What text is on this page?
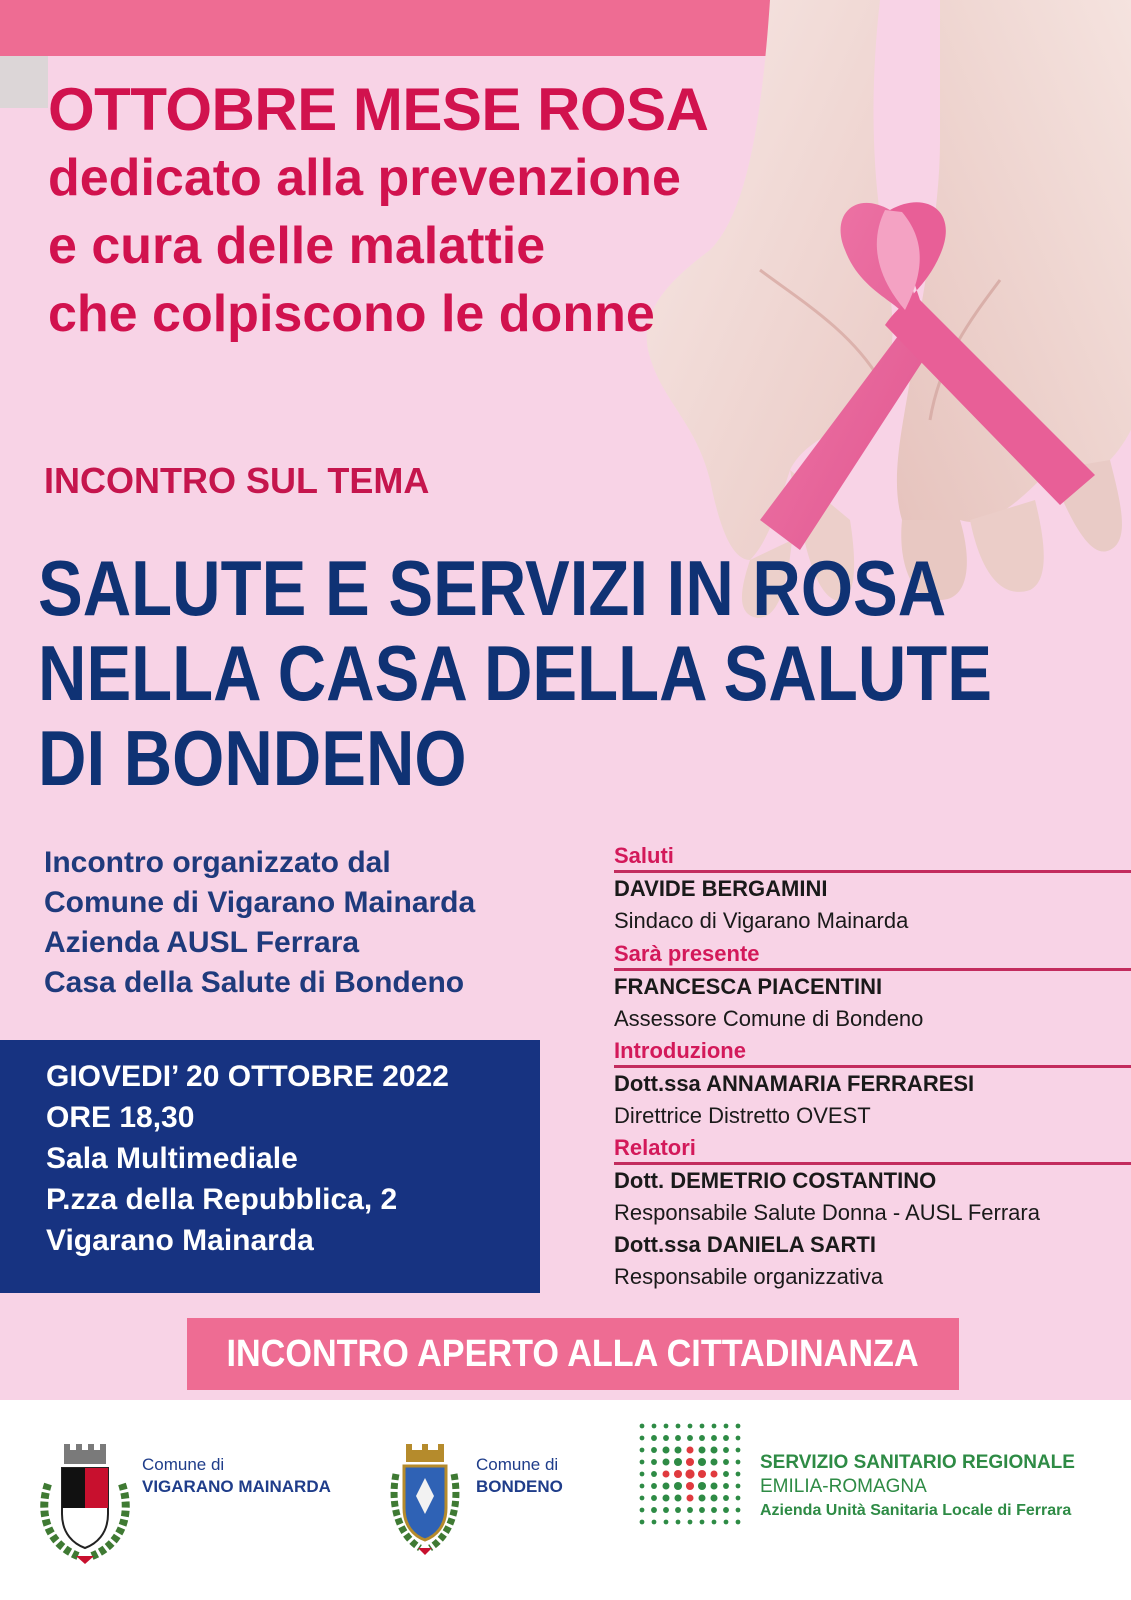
OTTOBRE MESE ROSA
dedicato alla prevenzione
e cura delle malattie
che colpiscono le donne
INCONTRO SUL TEMA
SALUTE E SERVIZI IN ROSA
NELLA CASA DELLA SALUTE
DI BONDENO
Incontro organizzato dal
Comune di Vigarano Mainarda
Azienda AUSL Ferrara
Casa della Salute di Bondeno
GIOVEDI’ 20 OTTOBRE 2022
ORE 18,30
Sala Multimediale
P.zza della Repubblica, 2
Vigarano Mainarda
Saluti
DAVIDE BERGAMINI
Sindaco di Vigarano Mainarda
Sarà presente
FRANCESCA PIACENTINI
Assessore Comune di Bondeno
Introduzione
Dott.ssa ANNAMARIA FERRARESI
Direttrice Distretto OVEST
Relatori
Dott. DEMETRIO COSTANTINO
Responsabile Salute Donna - AUSL Ferrara
Dott.ssa DANIELA SARTI
Responsabile organizzativa
INCONTRO APERTO ALLA CITTADINANZA
Comune di
VIGARANO MAINARDA
Comune di
BONDENO
SERVIZIO SANITARIO REGIONALE
EMILIA-ROMAGNA
Azienda Unità Sanitaria Locale di Ferrara
